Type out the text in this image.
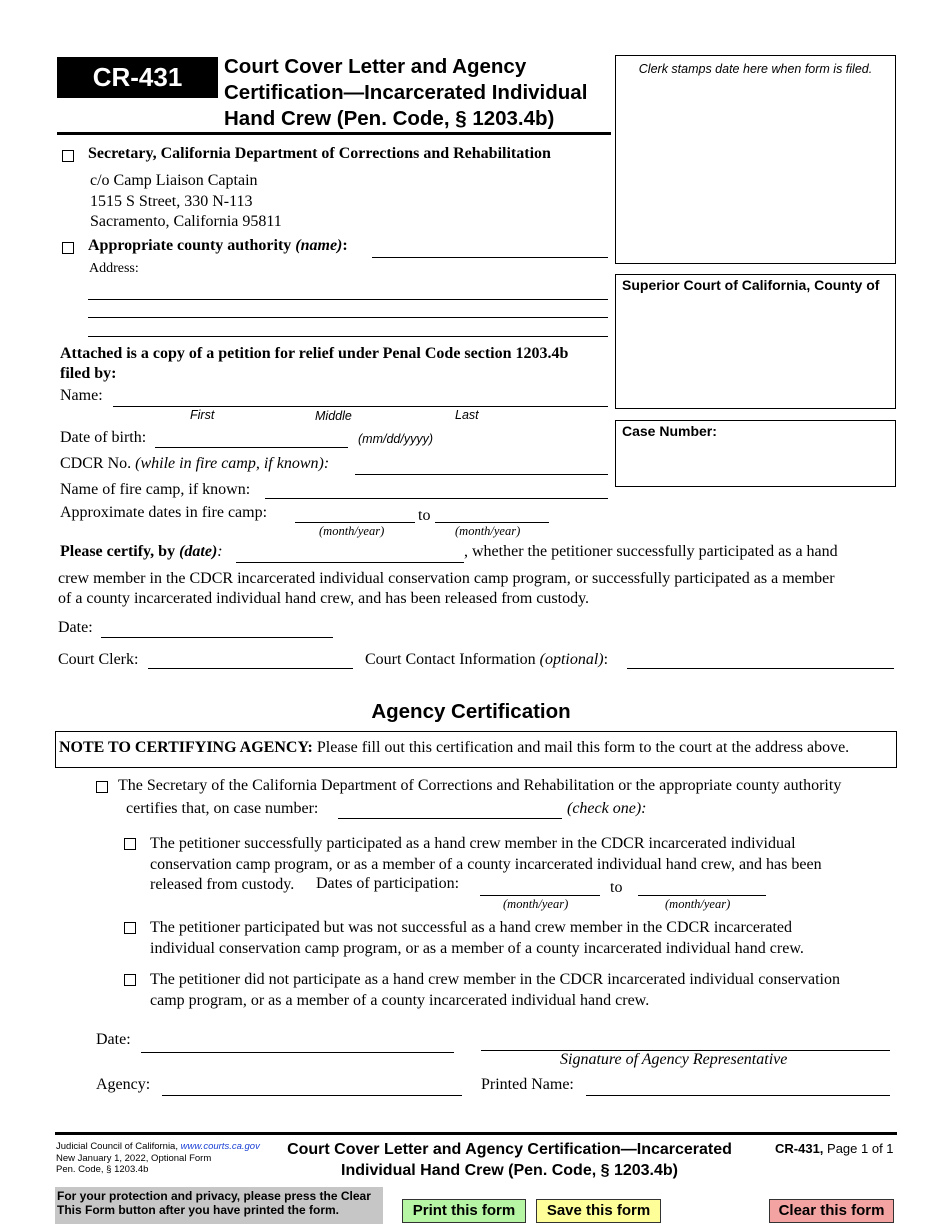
CR-431	Court Cover Letter and Agency
Certification—Incarcerated Individual
Hand Crew (Pen. Code, § 1203.4b)
Clerk stamps date here when form is filed.
Superior Court of California, County of
Case Number:
Secretary, California Department of Corrections and Rehabilitation
c/o Camp Liaison Captain
1515 S Street, 330 N-113
Sacramento, California 95811
Appropriate county authority (name):
Address:
Attached is a copy of a petition for relief under Penal Code section 1203.4b
filed by:
Name:
First	Middle	Last
Date of birth:	(mm/dd/yyyy)
CDCR No. (while in fire camp, if known):
Name of fire camp, if known:
Approximate dates in fire camp:	to
(month/year)	(month/year)
Please certify, by (date):	, whether the petitioner successfully participated as a hand
crew member in the CDCR incarcerated individual conservation camp program, or successfully participated as a member
of a county incarcerated individual hand crew, and has been released from custody.
Date:
Court Clerk:	Court Contact Information (optional):
Agency Certification
NOTE TO CERTIFYING AGENCY: Please fill out this certification and mail this form to the court at the address above.
The Secretary of the California Department of Corrections and Rehabilitation or the appropriate county authority
certifies that, on case number:	(check one):
The petitioner successfully participated as a hand crew member in the CDCR incarcerated individual
conservation camp program, or as a member of a county incarcerated individual hand crew, and has been
released from custody.	Dates of participation:	to
(month/year)	(month/year)
The petitioner participated but was not successful as a hand crew member in the CDCR incarcerated
individual conservation camp program, or as a member of a county incarcerated individual hand crew.
The petitioner did not participate as a hand crew member in the CDCR incarcerated individual conservation
camp program, or as a member of a county incarcerated individual hand crew.
Date:
Signature of Agency Representative
Agency:	Printed Name:
Judicial Council of California, www.courts.ca.gov
New January 1, 2022, Optional Form
Pen. Code, § 1203.4b
Court Cover Letter and Agency Certification—Incarcerated
Individual Hand Crew (Pen. Code, § 1203.4b)
CR-431, Page 1 of 1
For your protection and privacy, please press the Clear
This Form button after you have printed the form.	Print this form	Save this form	Clear this form
